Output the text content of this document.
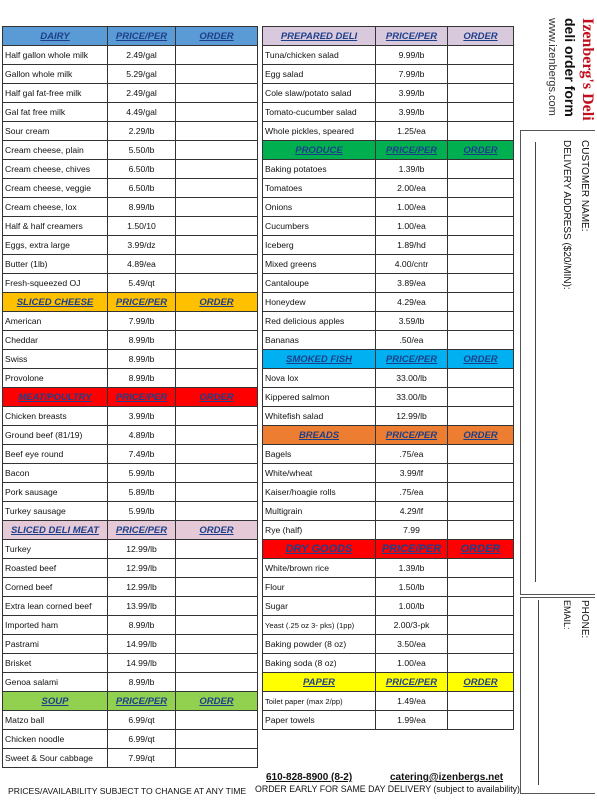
DAIRY	PRICE/PER	ORDER
Half gallon whole milk	2.49/gal	
Gallon whole milk	5.29/gal	
Half gal fat-free milk	2.49/gal	
Gal fat free milk	4.49/gal	
Sour cream	2.29/lb	
Cream cheese, plain	5.50/lb	
Cream cheese, chives	6.50/lb	
Cream cheese, veggie	6.50/lb	
Cream cheese, lox	8.99/lb	
Half & half creamers	1.50/10	
Eggs, extra large	3.99/dz	
Butter (1lb)	4.89/ea	
Fresh-squeezed OJ	5.49/qt	
SLICED CHEESE	PRICE/PER	ORDER
American	7.99/lb	
Cheddar	8.99/lb	
Swiss	8.99/lb	
Provolone	8.99/lb	
MEAT/POULTRY	PRICE/PER	ORDER
Chicken breasts	3.99/lb	
Ground beef (81/19)	4.89/lb	
Beef eye round	7.49/lb	
Bacon	5.99/lb	
Pork sausage	5.89/lb	
Turkey sausage	5.99/lb	
SLICED DELI MEAT	PRICE/PER	ORDER
Turkey	12.99/lb	
Roasted beef	12.99/lb	
Corned beef	12.99/lb	
Extra lean corned beef	13.99/lb	
Imported ham	8.99/lb	
Pastrami	14.99/lb	
Brisket	14.99/lb	
Genoa salami	8.99/lb	
SOUP	PRICE/PER	ORDER
Matzo ball	6.99/qt	
Chicken noodle	6.99/qt	
Sweet & Sour cabbage	7.99/qt	
PREPARED DELI	PRICE/PER	ORDER
Tuna/chicken salad	9.99/lb	
Egg salad	7.99/lb	
Cole slaw/potato salad	3.99/lb	
Tomato-cucumber salad	3.99/lb	
Whole pickles, speared	1.25/ea	
PRODUCE	PRICE/PER	ORDER
Baking potatoes	1.39/lb	
Tomatoes	2.00/ea	
Onions	1.00/ea	
Cucumbers	1.00/ea	
Iceberg	1.89/hd	
Mixed greens	4.00/cntr	
Cantaloupe	3.89/ea	
Honeydew	4.29/ea	
Red delicious apples	3.59/lb	
Bananas	.50/ea	
SMOKED FISH	PRICE/PER	ORDER
Nova lox	33.00/lb	
Kippered salmon	33.00/lb	
Whitefish salad	12.99/lb	
BREADS	PRICE/PER	ORDER
Bagels	.75/ea	
White/wheat	3.99/lf	
Kaiser/hoagie rolls	.75/ea	
Multigrain	4.29/lf	
Rye (half)	7.99	
DRY GOODS	PRICE/PER	ORDER
White/brown rice	1.39/lb	
Flour	1.50/lb	
Sugar	1.00/lb	
Yeast (.25 oz 3- pks) (1pp)	2.00/3-pk	
Baking powder (8 oz)	3.50/ea	
Baking soda (8 oz)	1.00/ea	
PAPER	PRICE/PER	ORDER
Toilet paper (max 2/pp)	1.49/ea	
Paper towels	1.99/ea	
Izenberg's Deli
deli order form
www.izenbergs.com
CUSTOMER NAME:
DELIVERY ADDRESS ($20/MIN):
PHONE:
EMAIL:
PRICES/AVAILABILITY SUBJECT TO CHANGE AT ANY TIME
610-828-8900 (8-2)	catering@izenbergs.net
ORDER EARLY FOR SAME DAY DELIVERY (subject to availability)
